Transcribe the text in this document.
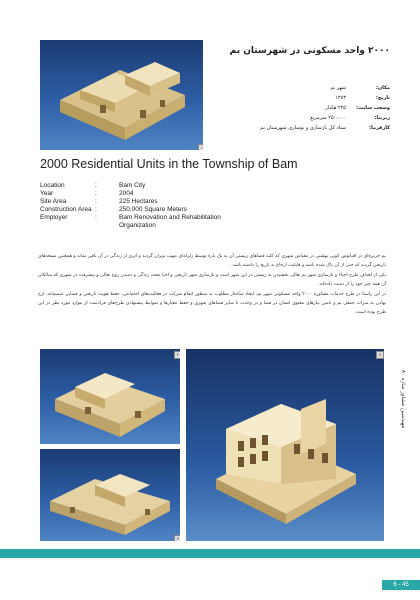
۱
۲۰۰۰ واحد مسکونی در شهرستان بم
مکان:
شهر بم
تاریخ:
۱۳۸۳
وسعت سایت:
۲۲۵ هکتار
زیربنا:
۲۵۰،۰۰۰ مترمربع
کارفرما:
ستاد کل بازسازی و نوسازی شهرستان بم
2000 Residential Units in the Township of Bam
Location	:	Bam City
Year	:	2004
Site Area	:	225 Hectares
Construction Area :	250,000 Square Meters
Employer	:	Bam Renovation and Rehabilitation Organization

بم جزیره‌ای در اقیانوس کویر، بهشتی در مقیاس شهری که کلیه فضاهای زیستی آن به یک باره توسط زلزله‌ای مهیب ویران گردید و اثری از زندگی در آن باقی نماند و همچنین نسخه‌های تاریخی گردید که حتی از آن یاک شده باشد و قابلیت ارجاع به تاریخ را داشته باشد.

یکی از اهداف طرح احیاء و بازسازی شهر بم تعالی بخشیدن به زیستن در این شهر است و بازسازی شهر تاریخی و احیا مجدد زندگی و دمیدن روح تعالی و پیشرفت در شهری که سالکان آن همه چیز خود را از دست داده‌اند.

در این راستا در طرح خدمات مشاوره ۲۰۰۰ واحد مسکونی شهر بم، ایجاد ساختار مطلوب به منظور انجام شرکت در فعالیت‌های اجتماعی، حفظ هویت تاریخی و فضایی صمیمانه، ارج نهادن به میراث جمعی بم و تامین نیازهای معنوی انسان در فضا و در وحدت با سایر فضاهای شهری و حفظ معیارها و ضوابط پیشنهادی طرح‌های فرادست از موارد مورد نظر در این طرح بوده است.

۲
۳
۴
مهندسین مشاور سازه ۸۰
6 - 45
